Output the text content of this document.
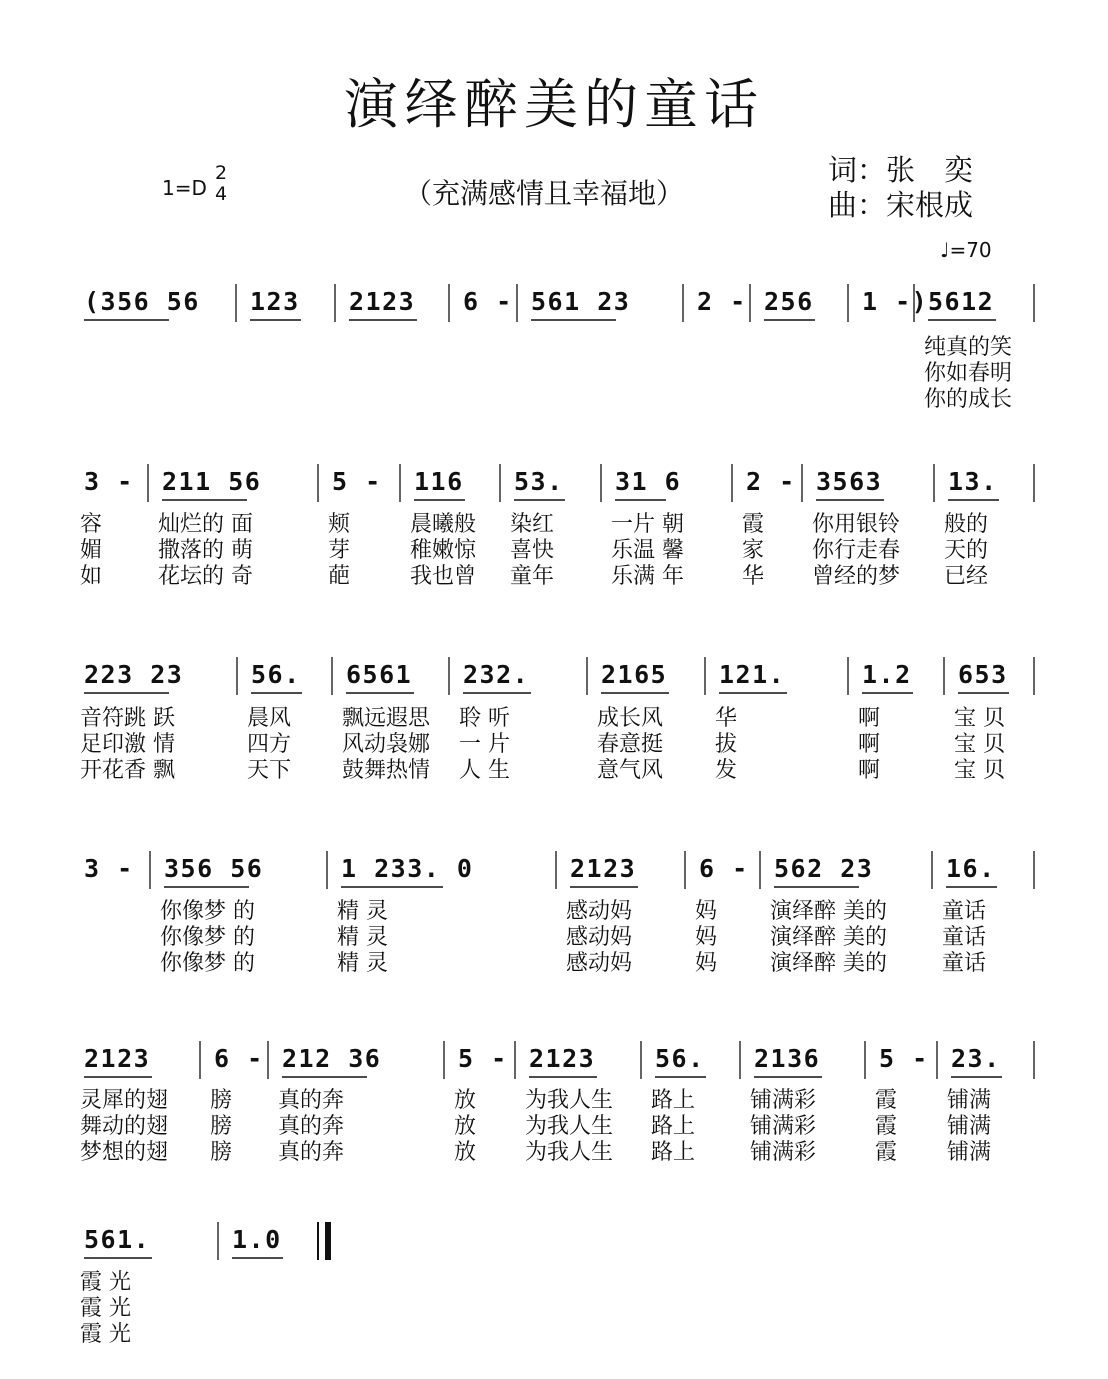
演绎醉美的童话
1=D
2
4	（充满感情且幸福地）
词：张　奕
曲：宋根成
♩=70
(356 56 123 2123 6 - 561 23	2 - 256 1 -) 5612
纯真的笑
你如春明
你的成长
3 -
容
媚
如
211 56
灿烂的 面
撒落的 萌
花坛的 奇
5 -
颊
芽
葩
116
晨曦般
稚嫩惊
我也曾
53.
染红
喜快
童年
31 6
一片 朝
乐温 馨
乐满 年
2 -
霞
家
华
3563
你用银铃
你行走春
曾经的梦
13.
般的
天的
已经
223 23
音符跳 跃
足印激 情
开花香 飘
56.
晨风
四方
天下
6561
飘远遐思
风动袅娜
鼓舞热情
232.
聆 听
一 片
人 生
2165
成长风
春意挺
意气风
121.
华
拔
发
1.2
啊
啊
啊
653
宝 贝
宝 贝
宝 贝
3 - 356 56
你像梦 的
你像梦 的
你像梦 的
1 233. 0
精 灵
精 灵
精 灵
2123
感动妈
感动妈
感动妈
6 -
妈
妈
妈
562 23
演绎醉 美的
演绎醉 美的
演绎醉 美的
16.
童话
童话
童话
2123
灵犀的翅
舞动的翅
梦想的翅
6 -
膀
膀
膀
212 36
真的奔
真的奔
真的奔
5 -
放
放
放
2123
为我人生
为我人生
为我人生
56.
路上
路上
路上
2136
铺满彩
铺满彩
铺满彩
5 -
霞
霞
霞
23.
铺满
铺满
铺满
561.
霞 光
霞 光
霞 光
1.0
